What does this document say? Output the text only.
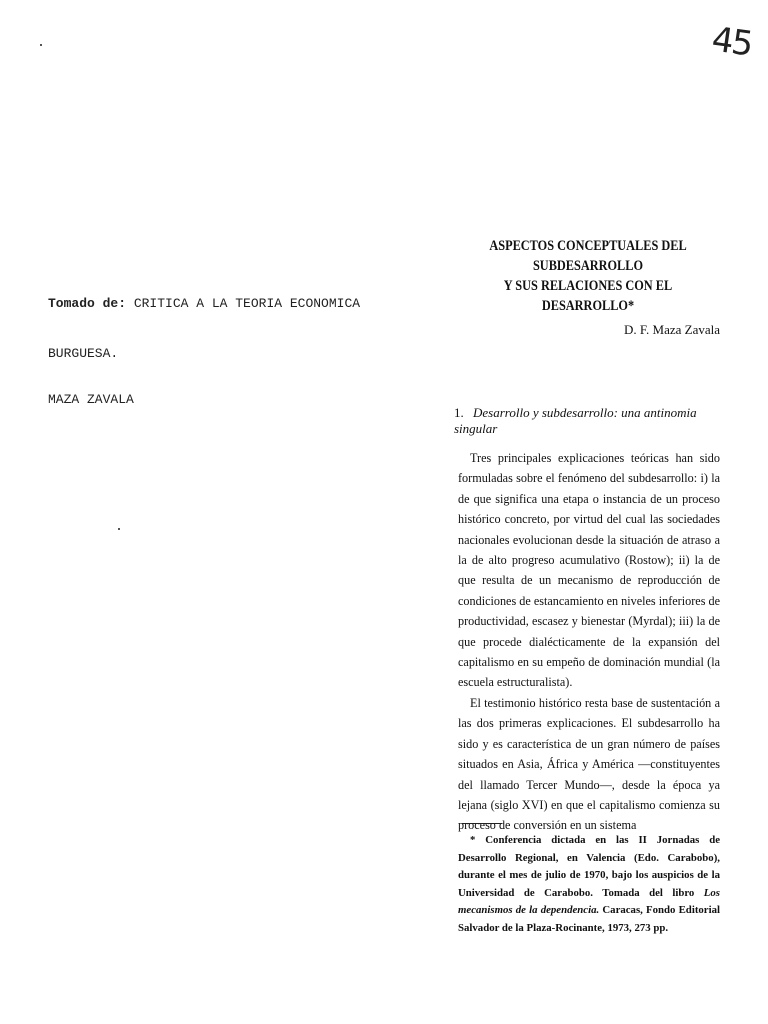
45
Tomado de: CRITICA A LA TEORIA ECONOMICA
BURGUESA.
MAZA ZAVALA
ASPECTOS CONCEPTUALES DEL SUBDESARROLLO
Y SUS RELACIONES CON EL DESARROLLO*
D. F. Maza Zavala
1. Desarrollo y subdesarrollo: una antinomia singular

Tres principales explicaciones teóricas han sido formuladas sobre el fenómeno del subdesarrollo: i) la de que significa una etapa o instancia de un proceso histórico concreto, por virtud del cual las sociedades nacionales evolucionan desde la situación de atraso a la de alto progreso acumulativo (Rostow); ii) la de que resulta de un mecanismo de reproducción de condiciones de estancamiento en niveles inferiores de productividad, escasez y bienestar (Myrdal); iii) la de que procede dialécticamente de la expansión del capitalismo en su empeño de dominación mundial (la escuela estructuralista).

El testimonio histórico resta base de sustentación a las dos primeras explicaciones. El subdesarrollo ha sido y es característica de un gran número de países situados en Asia, África y América —constituyentes del llamado Tercer Mundo—, desde la época ya lejana (siglo XVI) en que el capitalismo comienza su proceso de conversión en un sistema

* Conferencia dictada en las II Jornadas de Desarrollo Regional, en Valencia (Edo. Carabobo), durante el mes de julio de 1970, bajo los auspicios de la Universidad de Carabobo. Tomada del libro Los mecanismos de la dependencia. Caracas, Fondo Editorial Salvador de la Plaza-Rocinante, 1973, 273 pp.
